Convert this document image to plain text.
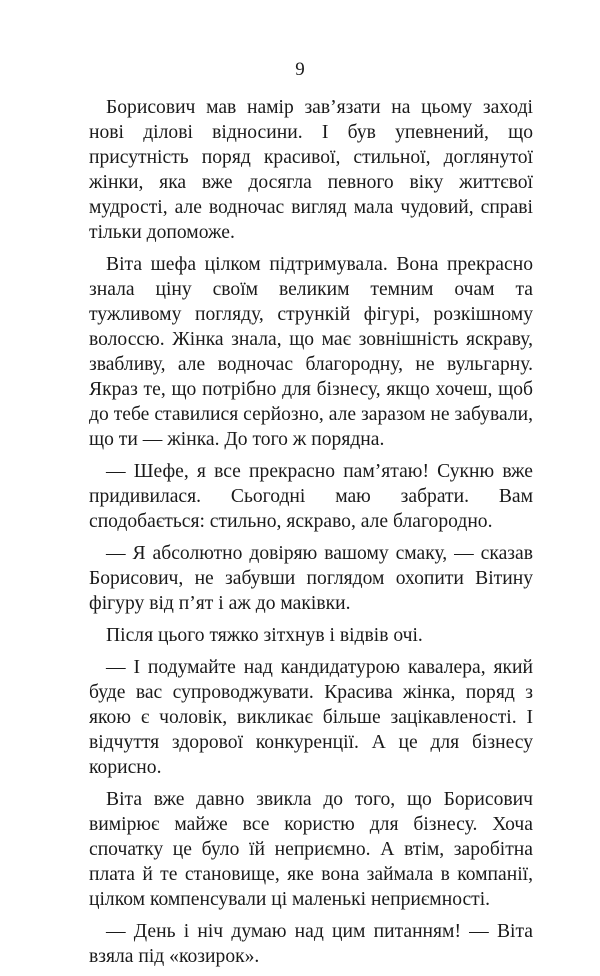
9

Борисович мав намір зав’язати на цьому заході нові ділові відносини. І був упевнений, що присутність поряд красивої, стильної, доглянутої жінки, яка вже досягла певного віку життєвої мудрості, але водночас вигляд мала чудовий, справі тільки допоможе.

Віта шефа цілком підтримувала. Вона прекрасно знала ціну своїм великим темним очам та тужливому погляду, стрункій фігурі, розкішному волоссю. Жінка знала, що має зовнішність яскраву, звабливу, але водночас благородну, не вульгарну. Якраз те, що потрібно для бізнесу, якщо хочеш, щоб до тебе ставилися серйозно, але заразом не забували, що ти — жінка. До того ж порядна.

— Шефе, я все прекрасно пам’ятаю! Сукню вже придивилася. Сьогодні маю забрати. Вам сподобається: стильно, яскраво, але благородно.

— Я абсолютно довіряю вашому смаку, — сказав Борисович, не забувши поглядом охопити Вітину фігуру від п’ят і аж до маківки.

Після цього тяжко зітхнув і відвів очі.

— І подумайте над кандидатурою кавалера, який буде вас супроводжувати. Красива жінка, поряд з якою є чоловік, викликає більше зацікавленості. І відчуття здорової конкуренції. А це для бізнесу корисно.

Віта вже давно звикла до того, що Борисович вимірює майже все користю для бізнесу. Хоча спочатку це було їй неприємно. А втім, заробітна плата й те становище, яке вона займала в компанії, цілком компенсували ці маленькі неприємності.

— День і ніч думаю над цим питанням! — Віта взяла під «козирок».
